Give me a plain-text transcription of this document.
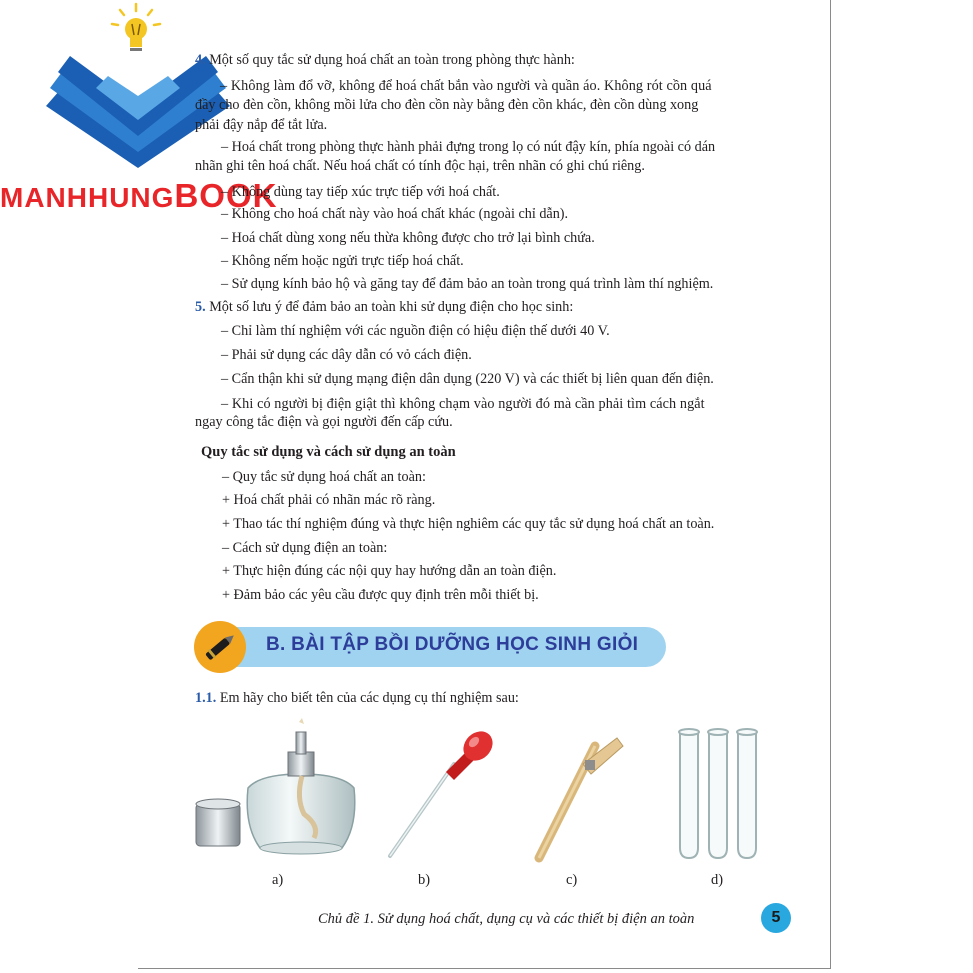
MANHHUNGBOOK
4. Một số quy tắc sử dụng hoá chất an toàn trong phòng thực hành:
– Không làm đổ vỡ, không để hoá chất bắn vào người và quần áo. Không rót cồn quá
đầy cho đèn cồn, không mồi lửa cho đèn cồn này bằng đèn cồn khác, đèn cồn dùng xong
phải đậy nắp để tắt lửa.
– Hoá chất trong phòng thực hành phải đựng trong lọ có nút đậy kín, phía ngoài có dán
nhãn ghi tên hoá chất. Nếu hoá chất có tính độc hại, trên nhãn có ghi chú riêng.
– Không dùng tay tiếp xúc trực tiếp với hoá chất.
– Không cho hoá chất này vào hoá chất khác (ngoài chỉ dẫn).
– Hoá chất dùng xong nếu thừa không được cho trở lại bình chứa.
– Không nếm hoặc ngửi trực tiếp hoá chất.
– Sử dụng kính bảo hộ và găng tay để đảm bảo an toàn trong quá trình làm thí nghiệm.
5. Một số lưu ý để đảm bảo an toàn khi sử dụng điện cho học sinh:
– Chỉ làm thí nghiệm với các nguồn điện có hiệu điện thế dưới 40 V.
– Phải sử dụng các dây dẫn có vỏ cách điện.
– Cẩn thận khi sử dụng mạng điện dân dụng (220 V) và các thiết bị liên quan đến điện.
– Khi có người bị điện giật thì không chạm vào người đó mà cần phải tìm cách ngắt
ngay công tắc điện và gọi người đến cấp cứu.
Quy tắc sử dụng và cách sử dụng an toàn
– Quy tắc sử dụng hoá chất an toàn:
+ Hoá chất phải có nhãn mác rõ ràng.
+ Thao tác thí nghiệm đúng và thực hiện nghiêm các quy tắc sử dụng hoá chất an toàn.
– Cách sử dụng điện an toàn:
+ Thực hiện đúng các nội quy hay hướng dẫn an toàn điện.
+ Đảm bảo các yêu cầu được quy định trên mỗi thiết bị.
B. BÀI TẬP BỒI DƯỠNG HỌC SINH GIỎI
1.1. Em hãy cho biết tên của các dụng cụ thí nghiệm sau:
a)	b)	c)	d)
Chủ đề 1. Sử dụng hoá chất, dụng cụ và các thiết bị điện an toàn	5
